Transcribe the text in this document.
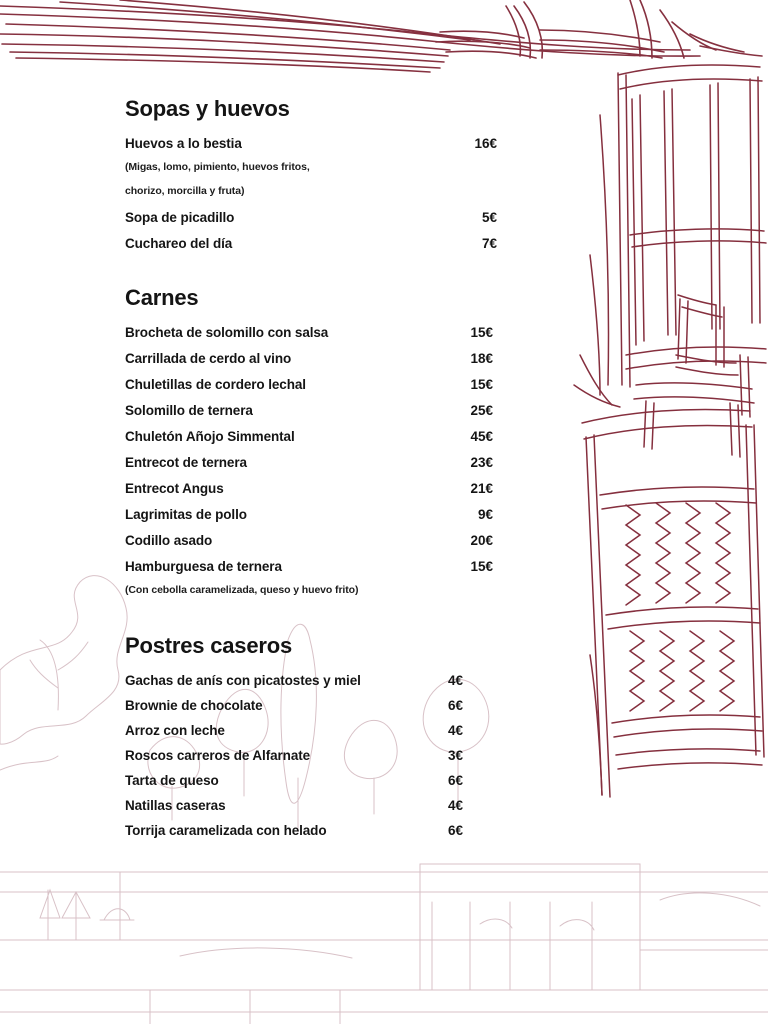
Sopas y huevos
Huevos a lo bestia	16€
(Migas, lomo, pimiento, huevos fritos,
chorizo, morcilla y fruta)
Sopa de picadillo	5€
Cuchareo del día	7€
Carnes
Brocheta de solomillo con salsa	15€
Carrillada de cerdo al vino	18€
Chuletillas de cordero lechal	15€
Solomillo de ternera	25€
Chuletón Añojo Simmental	45€
Entrecot de ternera	23€
Entrecot Angus	21€
Lagrimitas de pollo	9€
Codillo asado	20€
Hamburguesa de ternera	15€
(Con cebolla caramelizada, queso y huevo frito)
Postres caseros
Gachas de anís con picatostes y miel	4€
Brownie de chocolate	6€
Arroz con leche	4€
Roscos carreros de Alfarnate	3€
Tarta de queso	6€
Natillas caseras	4€
Torrija caramelizada con helado	6€
